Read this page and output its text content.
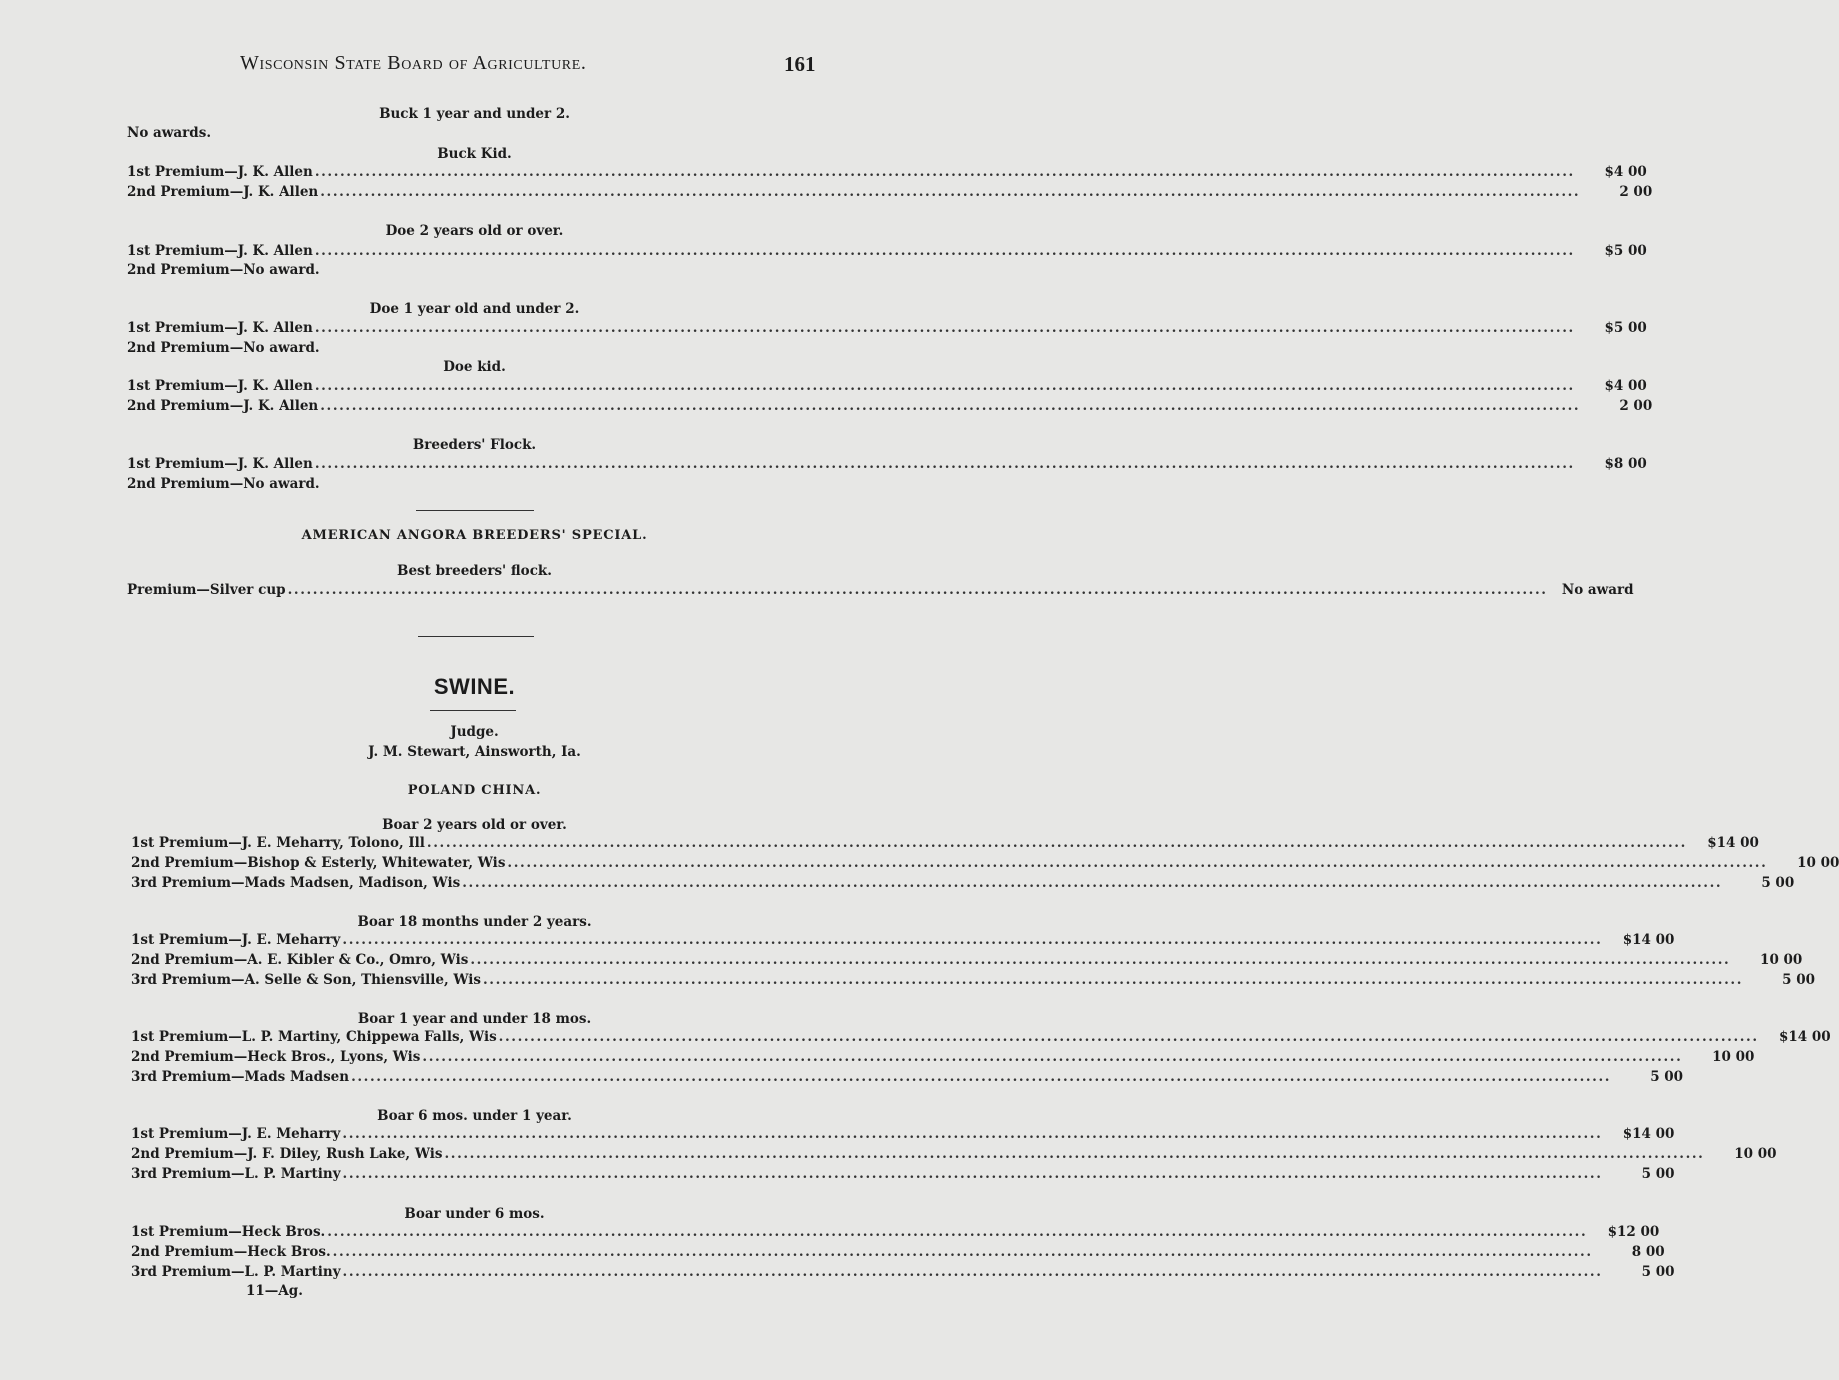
Wisconsin State Board of Agriculture.	161
Buck 1 year and under 2.
No awards.
Buck Kid.
1st Premium—J. K. Allen ........................................................................................................................................................................................................	$4 00
2nd Premium—J. K. Allen ........................................................................................................................................................................................................	2 00
Doe 2 years old or over.
1st Premium—J. K. Allen ........................................................................................................................................................................................................	$5 00
2nd Premium—No award.
Doe 1 year old and under 2.
1st Premium—J. K. Allen ........................................................................................................................................................................................................	$5 00
2nd Premium—No award.
Doe kid.
1st Premium—J. K. Allen ........................................................................................................................................................................................................	$4 00
2nd Premium—J. K. Allen ........................................................................................................................................................................................................	2 00
Breeders' Flock.
1st Premium—J. K. Allen ........................................................................................................................................................................................................	$8 00
2nd Premium—No award.
AMERICAN ANGORA BREEDERS' SPECIAL.
Best breeders' flock.
Premium—Silver cup ........................................................................................................................................................................................................	No award
SWINE.
Judge.
J. M. Stewart, Ainsworth, Ia.
POLAND CHINA.
Boar 2 years old or over.
1st Premium—J. E. Meharry, Tolono, Ill ........................................................................................................................................................................................................	$14 00
2nd Premium—Bishop & Esterly, Whitewater, Wis ........................................................................................................................................................................................................	10 00
3rd Premium—Mads Madsen, Madison, Wis ........................................................................................................................................................................................................	5 00
Boar 18 months under 2 years.
1st Premium—J. E. Meharry ........................................................................................................................................................................................................	$14 00
2nd Premium—A. E. Kibler & Co., Omro, Wis ........................................................................................................................................................................................................	10 00
3rd Premium—A. Selle & Son, Thiensville, Wis ........................................................................................................................................................................................................	5 00
Boar 1 year and under 18 mos.
1st Premium—L. P. Martiny, Chippewa Falls, Wis ........................................................................................................................................................................................................	$14 00
2nd Premium—Heck Bros., Lyons, Wis ........................................................................................................................................................................................................	10 00
3rd Premium—Mads Madsen ........................................................................................................................................................................................................	5 00
Boar 6 mos. under 1 year.
1st Premium—J. E. Meharry ........................................................................................................................................................................................................	$14 00
2nd Premium—J. F. Diley, Rush Lake, Wis ........................................................................................................................................................................................................	10 00
3rd Premium—L. P. Martiny ........................................................................................................................................................................................................	5 00
Boar under 6 mos.
1st Premium—Heck Bros. ........................................................................................................................................................................................................	$12 00
2nd Premium—Heck Bros. ........................................................................................................................................................................................................	8 00
3rd Premium—L. P. Martiny ........................................................................................................................................................................................................	5 00
11—Ag.
